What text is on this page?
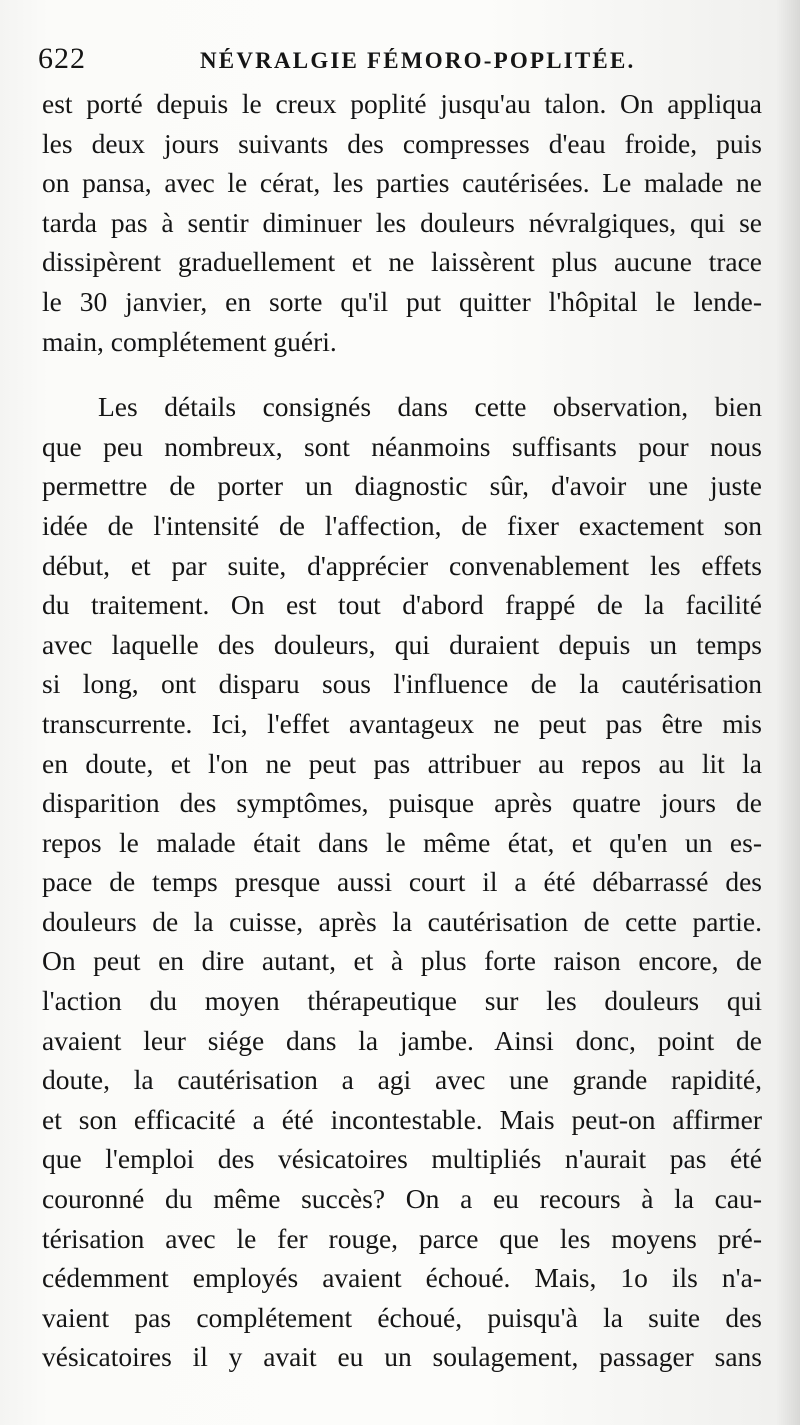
622	NÉVRALGIE FÉMORO-POPLITÉE.
est porté depuis le creux poplité jusqu'au talon. On appliqua
les deux jours suivants des compresses d'eau froide, puis
on pansa, avec le cérat, les parties cautérisées. Le malade ne
tarda pas à sentir diminuer les douleurs névralgiques, qui se
dissipèrent graduellement et ne laissèrent plus aucune trace
le 30 janvier, en sorte qu'il put quitter l'hôpital le lende-
main, complétement guéri.
Les détails consignés dans cette observation, bien
que peu nombreux, sont néanmoins suffisants pour nous
permettre de porter un diagnostic sûr, d'avoir une juste
idée de l'intensité de l'affection, de fixer exactement son
début, et par suite, d'apprécier convenablement les effets
du traitement. On est tout d'abord frappé de la facilité
avec laquelle des douleurs, qui duraient depuis un temps
si long, ont disparu sous l'influence de la cautérisation
transcurrente. Ici, l'effet avantageux ne peut pas être mis
en doute, et l'on ne peut pas attribuer au repos au lit la
disparition des symptômes, puisque après quatre jours de
repos le malade était dans le même état, et qu'en un es-
pace de temps presque aussi court il a été débarrassé des
douleurs de la cuisse, après la cautérisation de cette partie.
On peut en dire autant, et à plus forte raison encore, de
l'action du moyen thérapeutique sur les douleurs qui
avaient leur siége dans la jambe. Ainsi donc, point de
doute, la cautérisation a agi avec une grande rapidité,
et son efficacité a été incontestable. Mais peut-on affirmer
que l'emploi des vésicatoires multipliés n'aurait pas été
couronné du même succès? On a eu recours à la cau-
térisation avec le fer rouge, parce que les moyens pré-
cédemment employés avaient échoué. Mais, 1o ils n'a-
vaient pas complétement échoué, puisqu'à la suite des
vésicatoires il y avait eu un soulagement, passager sans
